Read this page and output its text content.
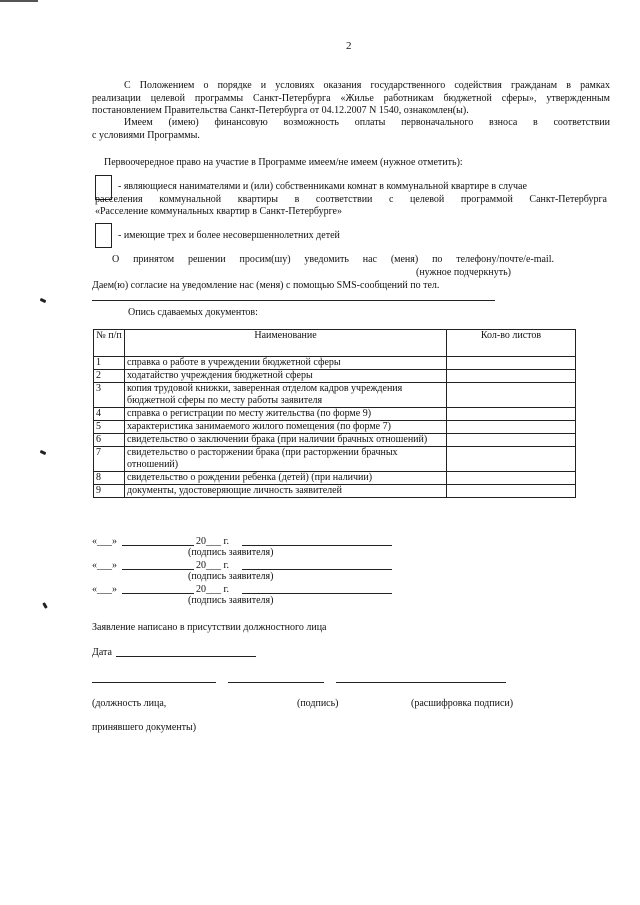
2
С Положением о порядке и условиях оказания государственного содействия гражданам в рамках
реализации целевой программы Санкт-Петербурга «Жилье работникам бюджетной сферы», утвержденным
постановлением Правительства Санкт-Петербурга от 04.12.2007 N 1540, ознакомлен(ы).
Имеем (имею) финансовую возможность оплаты первоначального взноса в соответствии
с условиями Программы.
Первоочередное право на участие в Программе имеем/не имеем (нужное отметить):
- являющиеся нанимателями и (или) собственниками комнат в коммунальной квартире в случае
расселения коммунальной квартиры в соответствии с целевой программой Санкт-Петербурга
«Расселение коммунальных квартир в Санкт-Петербурге»
- имеющие трех и более несовершеннолетних детей
О принятом решении просим(шу) уведомить нас (меня) по телефону/почте/e-mail.
(нужное подчеркнуть)
Даем(ю) согласие на уведомление нас (меня) с помощью SMS-сообщений по тел.
Опись сдаваемых документов:
№ п/п	Наименование	Кол-во листов
1	справка о работе в учреждении бюджетной сферы	
2	ходатайство учреждения бюджетной сферы	
3	копия трудовой книжки, заверенная отделом кадров учреждения бюджетной сферы по месту работы заявителя	
4	справка о регистрации по месту жительства (по форме 9)	
5	характеристика занимаемого жилого помещения (по форме 7)	
6	свидетельство о заключении брака (при наличии брачных отношений)	
7	свидетельство о расторжении брака (при расторжении брачных отношений)	
8	свидетельство о рождении ребенка (детей) (при наличии)	
9	документы, удостоверяющие личность заявителей	
«___»	20___ г.
(подпись заявителя)
«___»	20___ г.
(подпись заявителя)
«___»	20___ г.
(подпись заявителя)
Заявление написано в присутствии должностного лица
Дата
(должность лица,	(подпись)	(расшифровка подписи)
принявшего документы)
